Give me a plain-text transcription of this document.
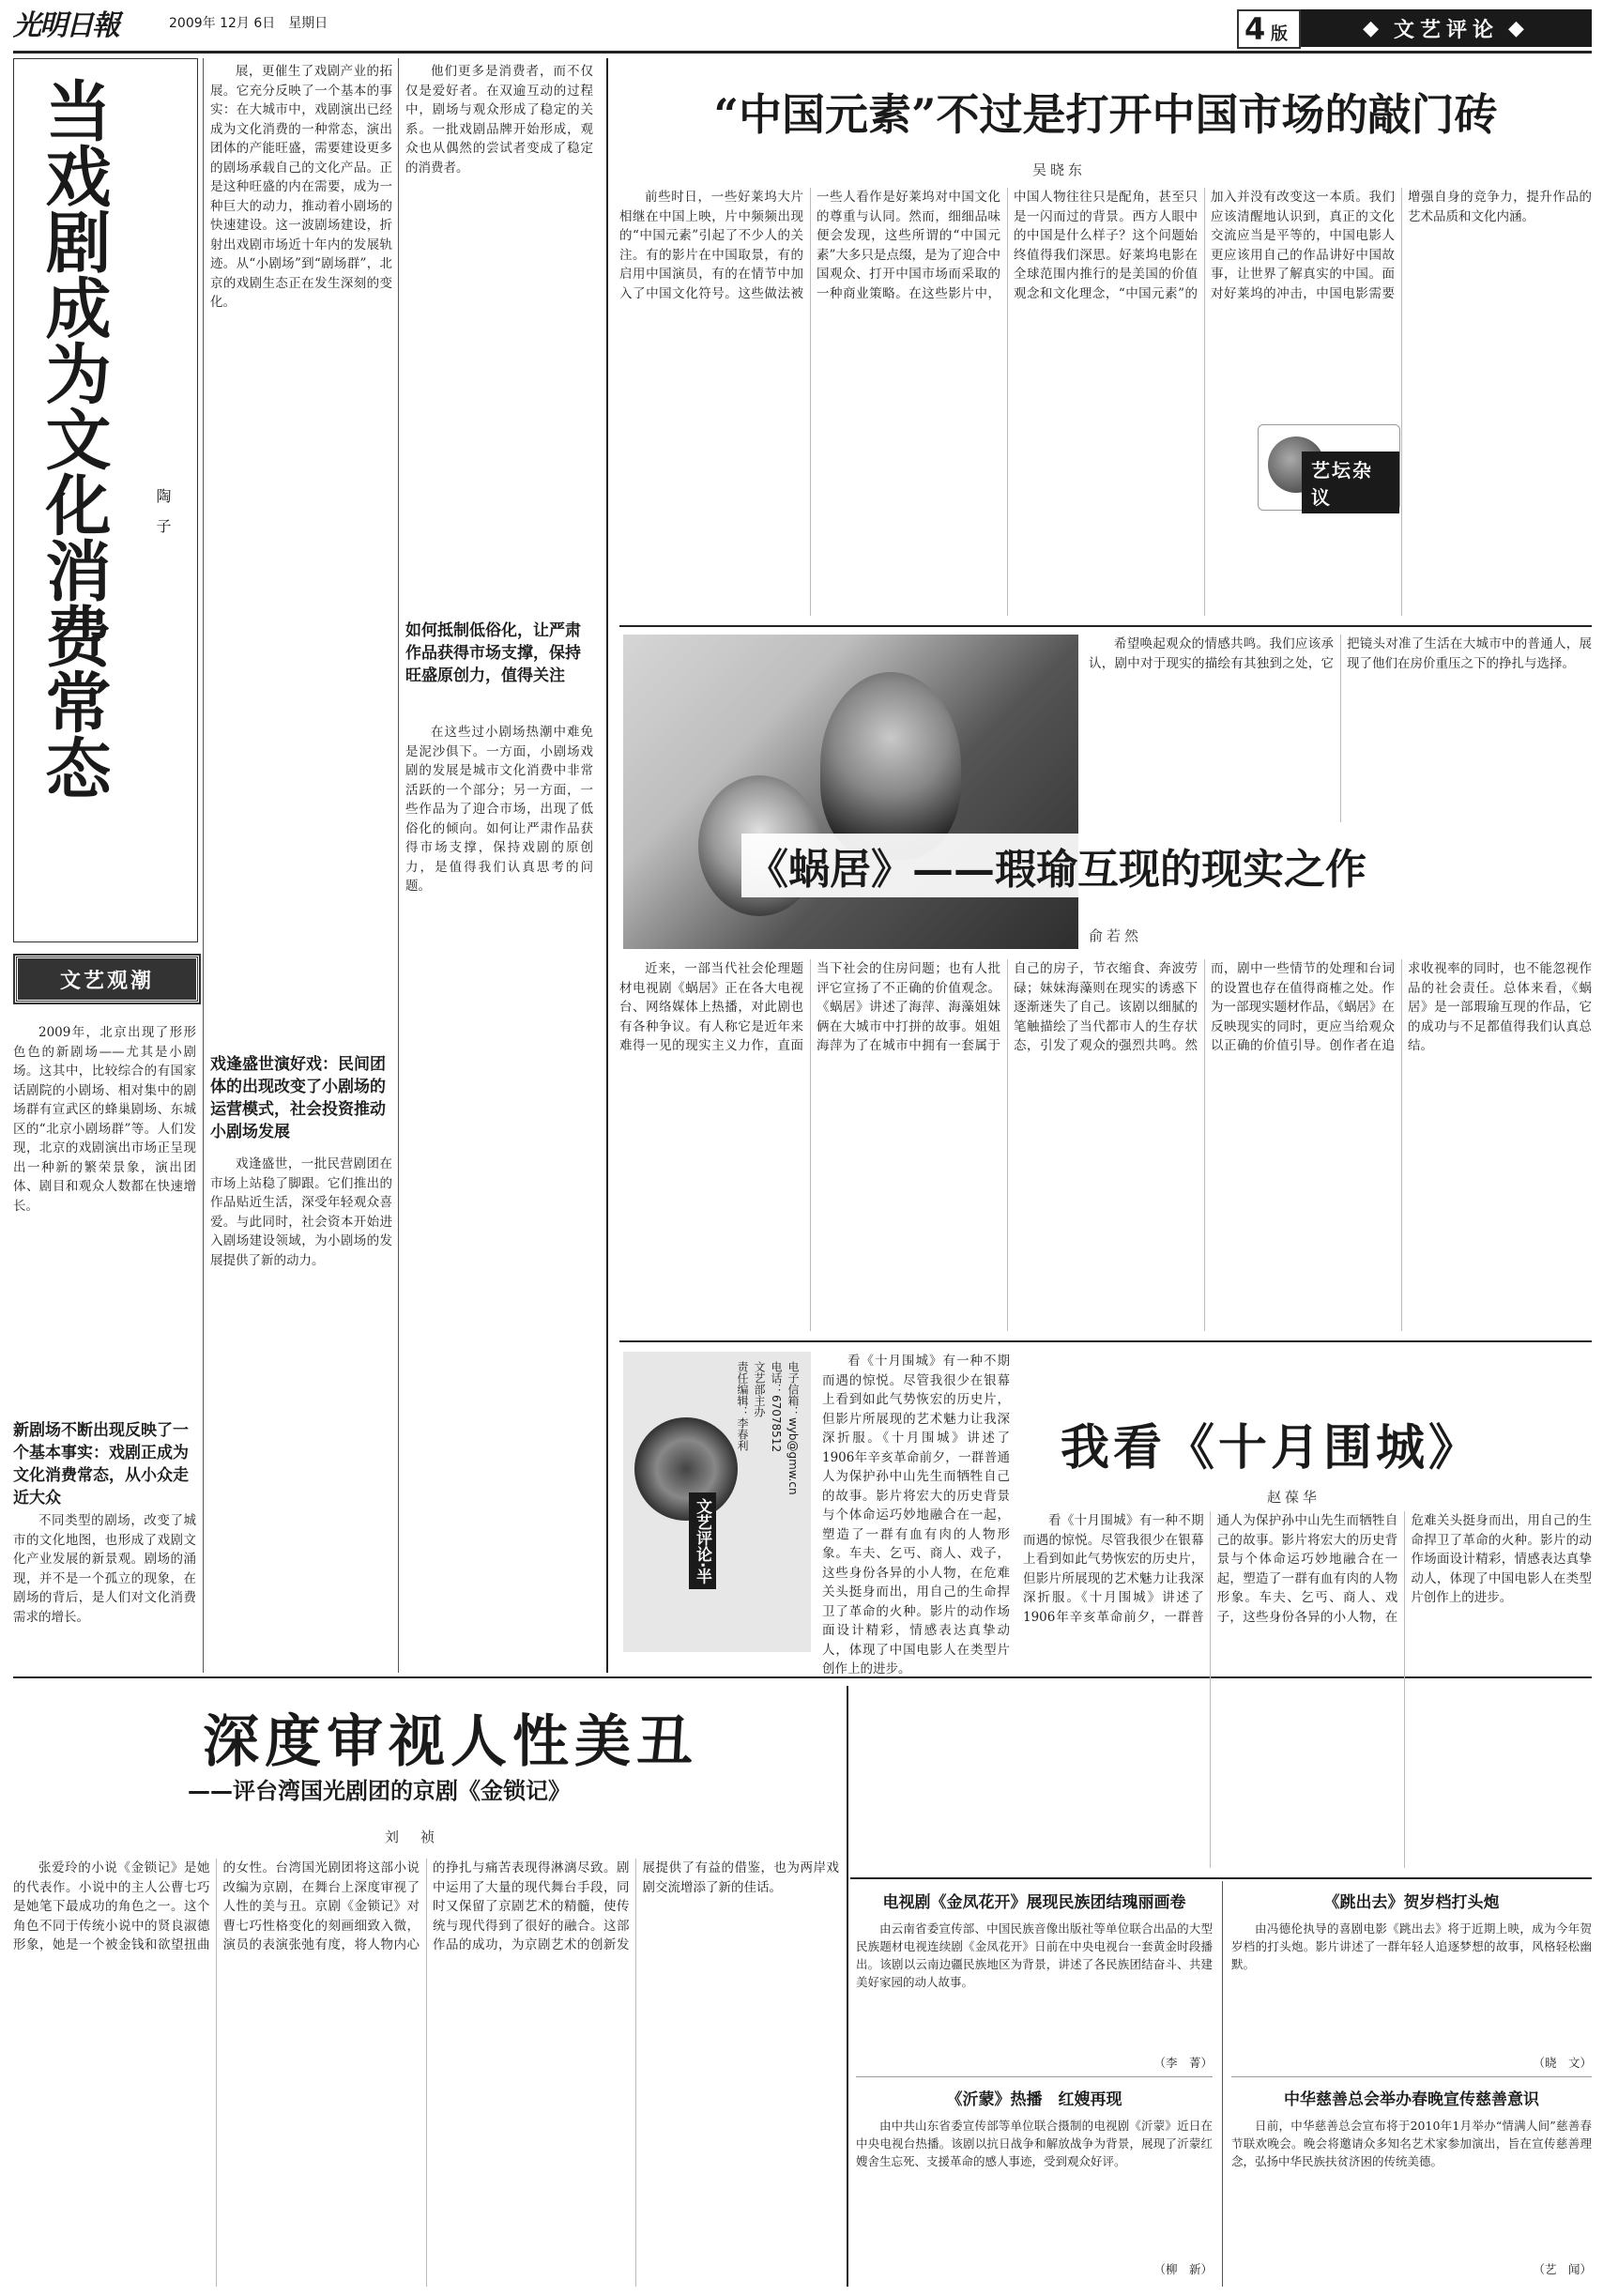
光明日報	2009年 12月 6日　星期日	4 版	◆ 文艺评论 ◆
当戏剧成为文化消费常态	陶　子
文艺观潮

2009年，北京出现了形形色色的新剧场——尤其是小剧场。这其中，比较综合的有国家话剧院的小剧场、相对集中的剧场群有宣武区的蜂巢剧场、东城区的“北京小剧场群”等。人们发现，北京的戏剧演出市场正呈现出一种新的繁荣景象，演出团体、剧目和观众人数都在快速增长。

新剧场不断出现反映了一个基本事实：戏剧正成为文化消费常态，从小众走近大众

不同类型的剧场，改变了城市的文化地图，也形成了戏剧文化产业发展的新景观。剧场的涌现，并不是一个孤立的现象，在剧场的背后，是人们对文化消费需求的增长。

展，更催生了戏剧产业的拓展。它充分反映了一个基本的事实：在大城市中，戏剧演出已经成为文化消费的一种常态，演出团体的产能旺盛，需要建设更多的剧场承载自己的文化产品。正是这种旺盛的内在需要，成为一种巨大的动力，推动着小剧场的快速建设。这一波剧场建设，折射出戏剧市场近十年内的发展轨迹。从“小剧场”到“剧场群”，北京的戏剧生态正在发生深刻的变化。

戏逢盛世演好戏：民间团体的出现改变了小剧场的运营模式，社会投资推动小剧场发展

戏逢盛世，一批民营剧团在市场上站稳了脚跟。它们推出的作品贴近生活，深受年轻观众喜爱。与此同时，社会资本开始进入剧场建设领域，为小剧场的发展提供了新的动力。

他们更多是消费者，而不仅仅是爱好者。在双逾互动的过程中，剧场与观众形成了稳定的关系。一批戏剧品牌开始形成，观众也从偶然的尝试者变成了稳定的消费者。

如何抵制低俗化，让严肃作品获得市场支撑，保持旺盛原创力，值得关注

在这些过小剧场热潮中难免是泥沙俱下。一方面，小剧场戏剧的发展是城市文化消费中非常活跃的一个部分；另一方面，一些作品为了迎合市场，出现了低俗化的倾向。如何让严肃作品获得市场支撑，保持戏剧的原创力，是值得我们认真思考的问题。

“中国元素”不过是打开中国市场的敲门砖
吴晓东

前些时日，一些好莱坞大片相继在中国上映，片中频频出现的“中国元素”引起了不少人的关注。有的影片在中国取景，有的启用中国演员，有的在情节中加入了中国文化符号。这些做法被一些人看作是好莱坞对中国文化的尊重与认同。然而，细细品味便会发现，这些所谓的“中国元素”大多只是点缀，是为了迎合中国观众、打开中国市场而采取的一种商业策略。在这些影片中，中国人物往往只是配角，甚至只是一闪而过的背景。西方人眼中的中国是什么样子？这个问题始终值得我们深思。好莱坞电影在全球范围内推行的是美国的价值观念和文化理念，“中国元素”的加入并没有改变这一本质。我们应该清醒地认识到，真正的文化交流应当是平等的，中国电影人更应该用自己的作品讲好中国故事，让世界了解真实的中国。面对好莱坞的冲击，中国电影需要增强自身的竞争力，提升作品的艺术品质和文化内涵。

艺坛杂议
《蜗居》——瑕瑜互现的现实之作
俞若然

希望唤起观众的情感共鸣。我们应该承认，剧中对于现实的描绘有其独到之处，它把镜头对准了生活在大城市中的普通人，展现了他们在房价重压之下的挣扎与选择。

近来，一部当代社会伦理题材电视剧《蜗居》正在各大电视台、网络媒体上热播，对此剧也有各种争议。有人称它是近年来难得一见的现实主义力作，直面当下社会的住房问题；也有人批评它宣扬了不正确的价值观念。《蜗居》讲述了海萍、海藻姐妹俩在大城市中打拼的故事。姐姐海萍为了在城市中拥有一套属于自己的房子，节衣缩食、奔波劳碌；妹妹海藻则在现实的诱惑下逐渐迷失了自己。该剧以细腻的笔触描绘了当代都市人的生存状态，引发了观众的强烈共鸣。然而，剧中一些情节的处理和台词的设置也存在值得商榷之处。作为一部现实题材作品，《蜗居》在反映现实的同时，更应当给观众以正确的价值引导。创作者在追求收视率的同时，也不能忽视作品的社会责任。总体来看，《蜗居》是一部瑕瑜互现的作品，它的成功与不足都值得我们认真总结。

文艺评论·半
电子信箱：wyb@gmw.cn
电话：67078512
文艺部主办
责任编辑：李春利	我看《十月围城》
赵葆华

看《十月围城》有一种不期而遇的惊悦。尽管我很少在银幕上看到如此气势恢宏的历史片，但影片所展现的艺术魅力让我深深折服。《十月围城》讲述了1906年辛亥革命前夕，一群普通人为保护孙中山先生而牺牲自己的故事。影片将宏大的历史背景与个体命运巧妙地融合在一起，塑造了一群有血有肉的人物形象。车夫、乞丐、商人、戏子，这些身份各异的小人物，在危难关头挺身而出，用自己的生命捍卫了革命的火种。影片的动作场面设计精彩，情感表达真挚动人，体现了中国电影人在类型片创作上的进步。

深度审视人性美丑
——评台湾国光剧团的京剧《金锁记》
刘　祯

张爱玲的小说《金锁记》是她的代表作。小说中的主人公曹七巧是她笔下最成功的角色之一。这个角色不同于传统小说中的贤良淑德形象，她是一个被金钱和欲望扭曲的女性。台湾国光剧团将这部小说改编为京剧，在舞台上深度审视了人性的美与丑。京剧《金锁记》对曹七巧性格变化的刻画细致入微，演员的表演张弛有度，将人物内心的挣扎与痛苦表现得淋漓尽致。剧中运用了大量的现代舞台手段，同时又保留了京剧艺术的精髓，使传统与现代得到了很好的融合。这部作品的成功，为京剧艺术的创新发展提供了有益的借鉴，也为两岸戏剧交流增添了新的佳话。

看《十月围城》有一种不期而遇的惊悦。尽管我很少在银幕上看到如此气势恢宏的历史片，但影片所展现的艺术魅力让我深深折服。《十月围城》讲述了1906年辛亥革命前夕，一群普通人为保护孙中山先生而牺牲自己的故事。影片将宏大的历史背景与个体命运巧妙地融合在一起，塑造了一群有血有肉的人物形象。车夫、乞丐、商人、戏子，这些身份各异的小人物，在危难关头挺身而出，用自己的生命捍卫了革命的火种。影片的动作场面设计精彩，情感表达真挚动人，体现了中国电影人在类型片创作上的进步。

电视剧《金凤花开》展现民族团结瑰丽画卷

由云南省委宣传部、中国民族音像出版社等单位联合出品的大型民族题材电视连续剧《金凤花开》日前在中央电视台一套黄金时段播出。该剧以云南边疆民族地区为背景，讲述了各民族团结奋斗、共建美好家园的动人故事。

（李　菁）
《沂蒙》热播　红嫂再现

由中共山东省委宣传部等单位联合摄制的电视剧《沂蒙》近日在中央电视台热播。该剧以抗日战争和解放战争为背景，展现了沂蒙红嫂舍生忘死、支援革命的感人事迹，受到观众好评。

（柳　新）
《跳出去》贺岁档打头炮

由冯德伦执导的喜剧电影《跳出去》将于近期上映，成为今年贺岁档的打头炮。影片讲述了一群年轻人追逐梦想的故事，风格轻松幽默。

（晓　文）
中华慈善总会举办春晚宣传慈善意识

日前，中华慈善总会宣布将于2010年1月举办“情满人间”慈善春节联欢晚会。晚会将邀请众多知名艺术家参加演出，旨在宣传慈善理念，弘扬中华民族扶贫济困的传统美德。

（艺　闻）
